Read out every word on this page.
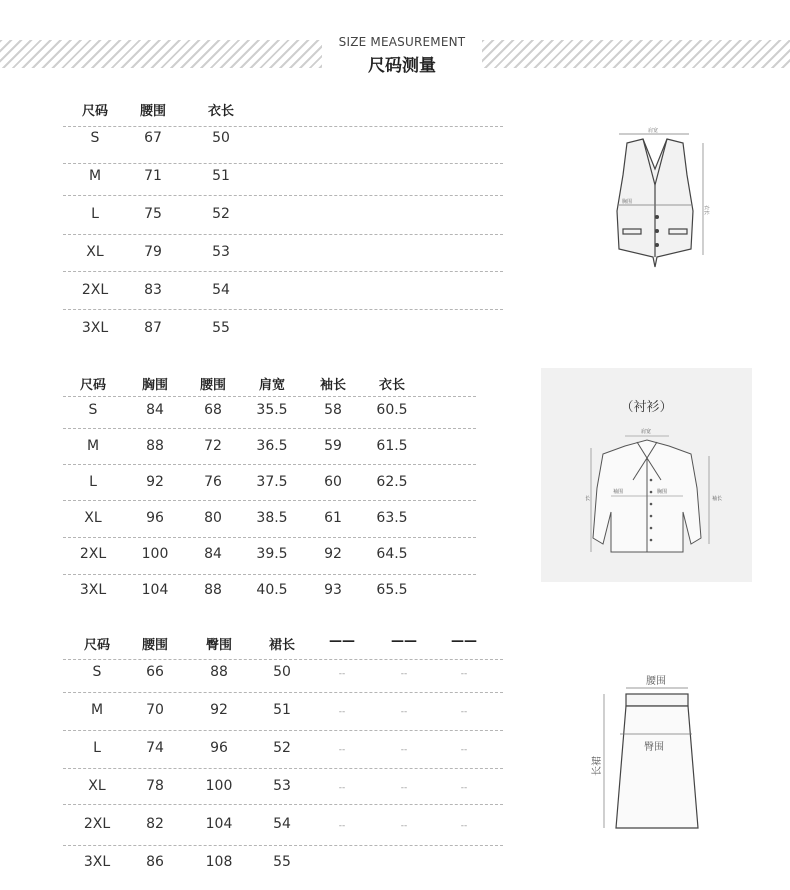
SIZE MEASUREMENT
尺码测量
尺码	腰围	衣长
S	67	50
M	71	51
L	75	52
XL	79	53
2XL	83	54
3XL	87	55
尺码	胸围	腰围	肩宽	袖长	衣长
S	84	68	35.5	58	60.5
M	88	72	36.5	59	61.5
L	92	76	37.5	60	62.5
XL	96	80	38.5	61	63.5
2XL	100	84	39.5	92	64.5
3XL	104	88	40.5	93	65.5
尺码	腰围	臀围	裙长	——	——	——
S	66	88	50	--	--	--
M	70	92	51	--	--	--
L	74	96	52	--	--	--
XL	78	100	53	--	--	--
2XL	82	104	54	--	--	--
3XL	86	108	55
肩宽
胸围
衣长
（衬衫）
肩宽
长
袖围	胸围
袖长
腰围
臀围
长裙
